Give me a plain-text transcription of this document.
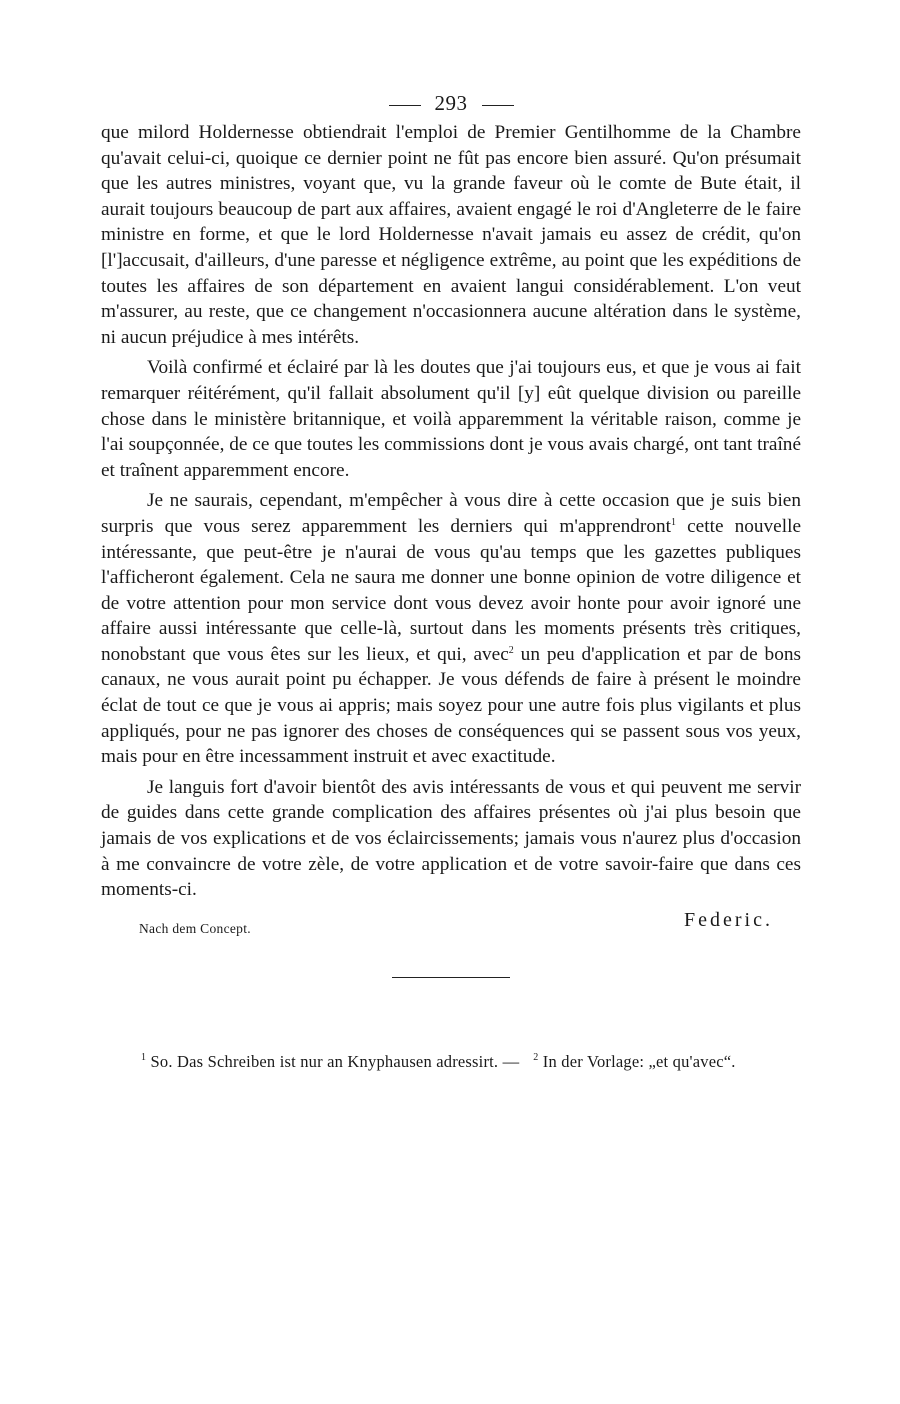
293

que milord Holdernesse obtiendrait l'emploi de Premier Gentilhomme de la Chambre qu'avait celui-ci, quoique ce dernier point ne fût pas encore bien assuré. Qu'on présumait que les autres ministres, voyant que, vu la grande faveur où le comte de Bute était, il aurait toujours beaucoup de part aux affaires, avaient engagé le roi d'Angleterre de le faire ministre en forme, et que le lord Holdernesse n'avait jamais eu assez de crédit, qu'on [l']accusait, d'ailleurs, d'une paresse et négligence extrême, au point que les expéditions de toutes les affaires de son département en avaient langui considérablement. L'on veut m'assurer, au reste, que ce changement n'occasionnera aucune altération dans le système, ni aucun préjudice à mes intérêts.

Voilà confirmé et éclairé par là les doutes que j'ai toujours eus, et que je vous ai fait remarquer réitérément, qu'il fallait absolument qu'il [y] eût quelque division ou pareille chose dans le ministère britannique, et voilà apparemment la véritable raison, comme je l'ai soupçonnée, de ce que toutes les commissions dont je vous avais chargé, ont tant traîné et traînent apparemment encore.

Je ne saurais, cependant, m'empêcher à vous dire à cette occasion que je suis bien surpris que vous serez apparemment les derniers qui m'apprendront$^1$ cette nouvelle intéressante, que peut-être je n'aurai de vous qu'au temps que les gazettes publiques l'afficheront également. Cela ne saura me donner une bonne opinion de votre diligence et de votre attention pour mon service dont vous devez avoir honte pour avoir ignoré une affaire aussi intéressante que celle-là, surtout dans les moments présents très critiques, nonobstant que vous êtes sur les lieux, et qui, avec$^2$ un peu d'application et par de bons canaux, ne vous aurait point pu échapper. Je vous défends de faire à présent le moindre éclat de tout ce que je vous ai appris; mais soyez pour une autre fois plus vigilants et plus appliqués, pour ne pas ignorer des choses de conséquences qui se passent sous vos yeux, mais pour en être incessamment instruit et avec exactitude.

Je languis fort d'avoir bientôt des avis intéressants de vous et qui peuvent me servir de guides dans cette grande complication des affaires présentes où j'ai plus besoin que jamais de vos explications et de vos éclaircissements; jamais vous n'aurez plus d'occasion à me convaincre de votre zèle, de votre application et de votre savoir-faire que dans ces moments-ci.

Nach dem Concept.	Federic.
$^1$ So. Das Schreiben ist nur an Knyphausen adressirt. — $^2$ In der Vorlage: „et qu'avec“.
